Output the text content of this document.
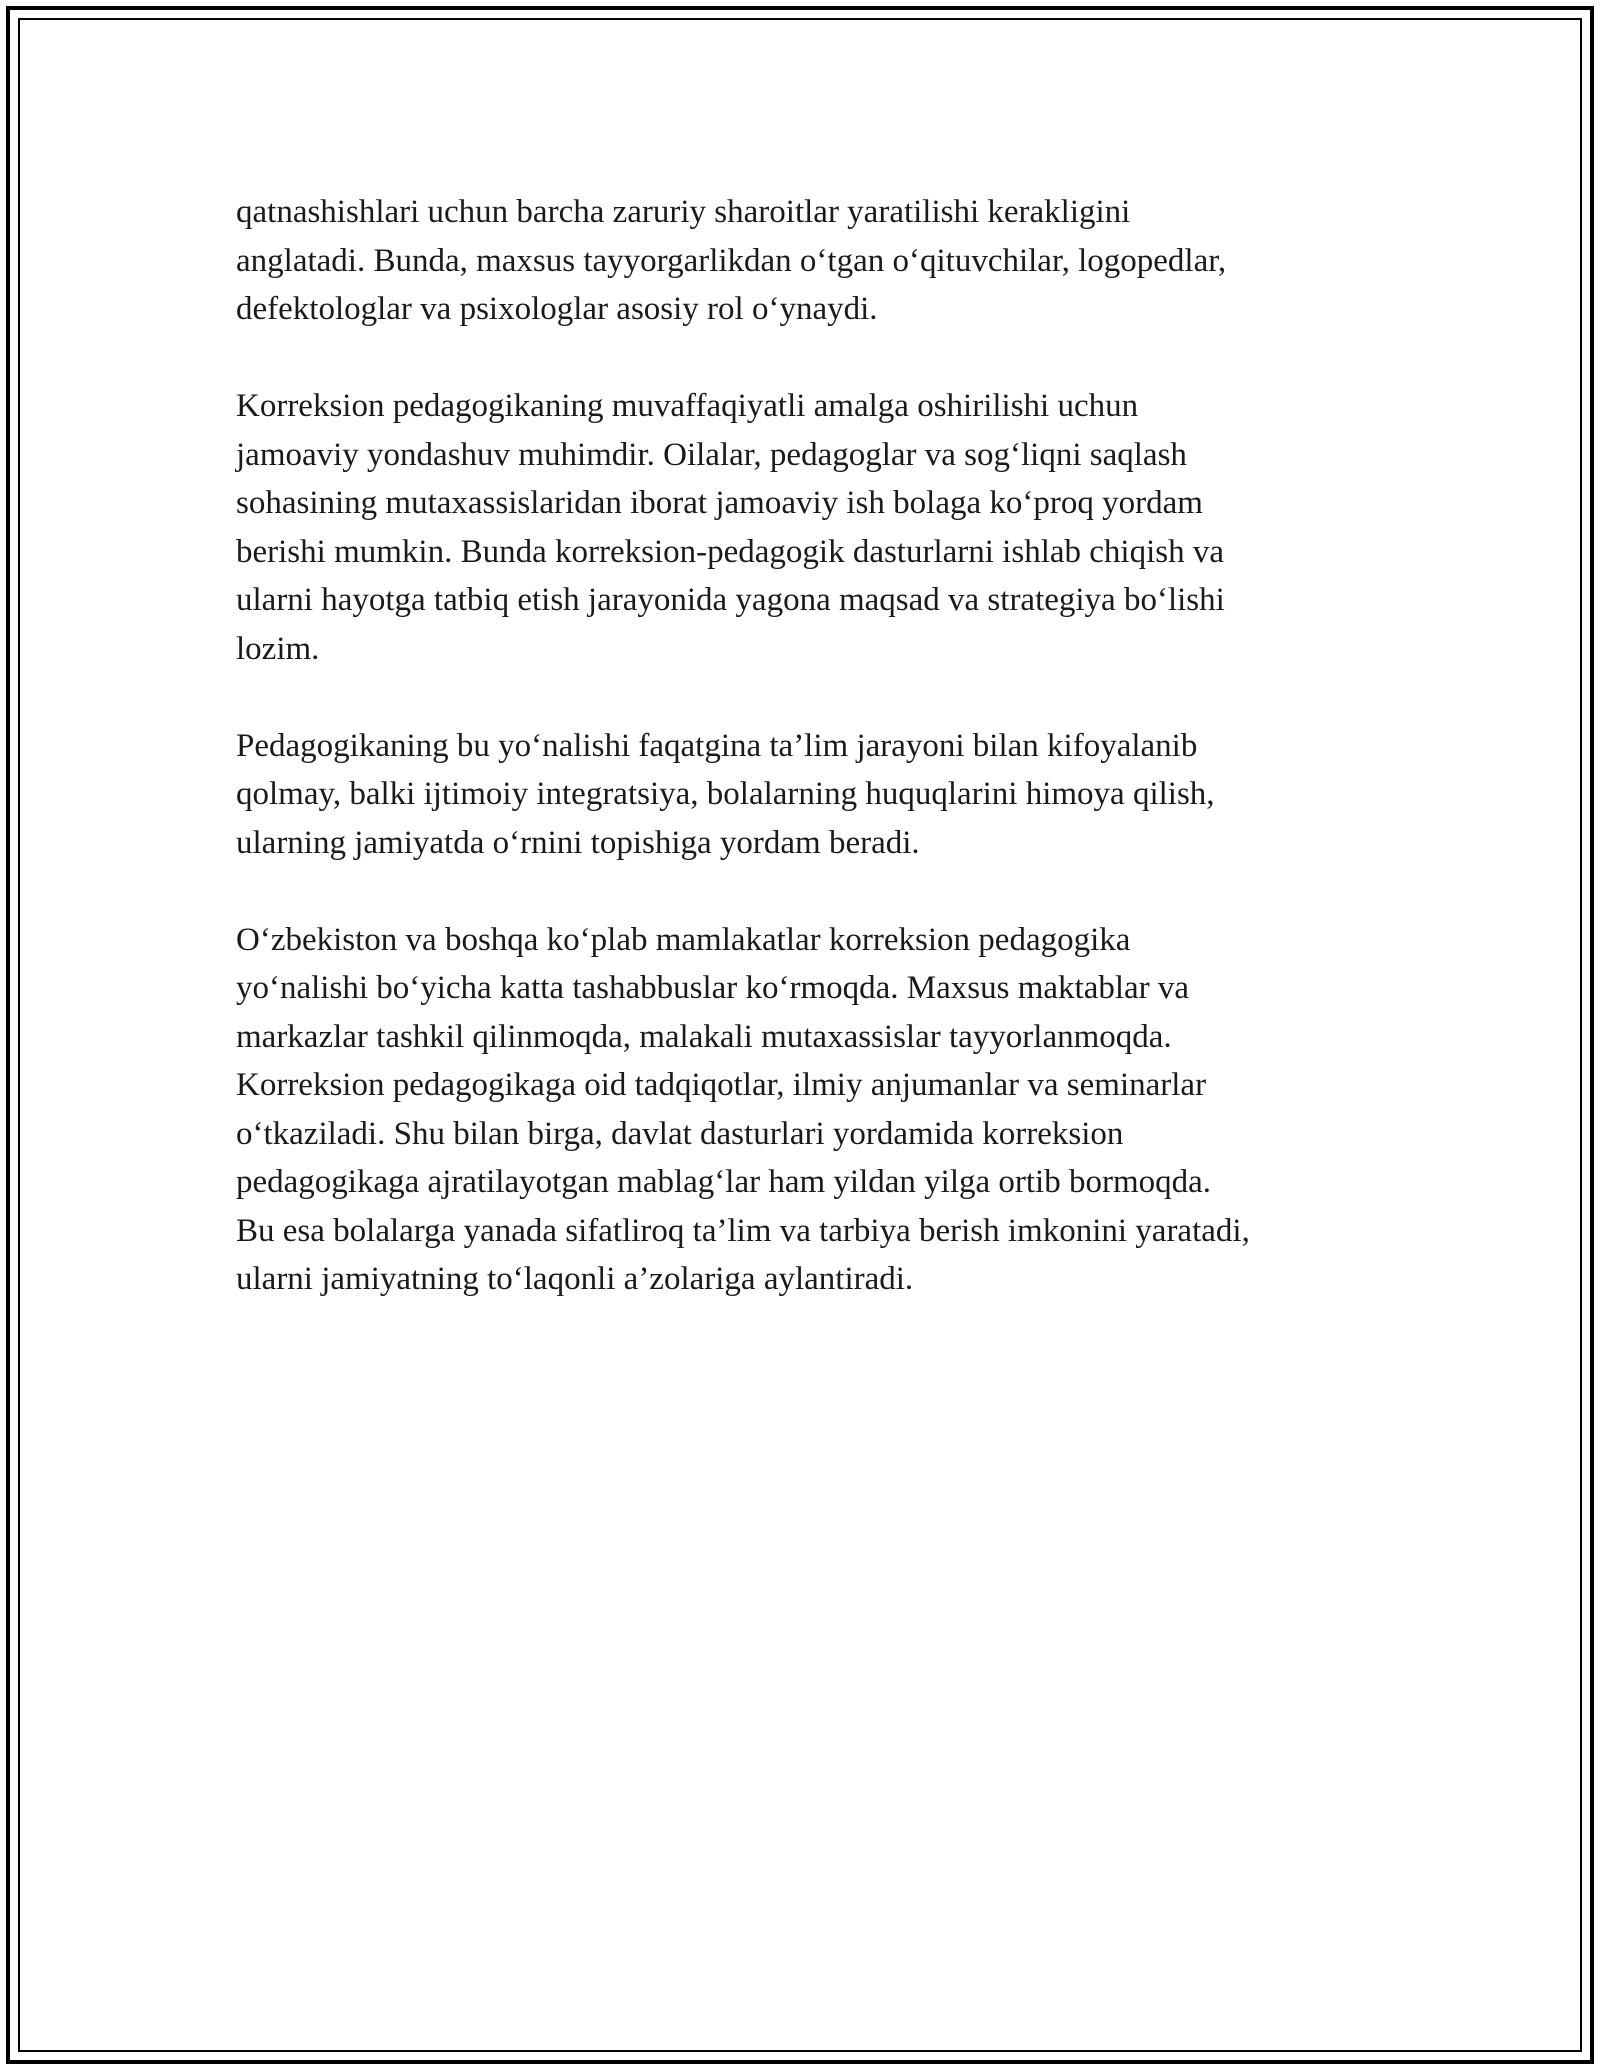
qatnashishlari uchun barcha zaruriy sharoitlar yaratilishi kerakligini
anglatadi. Bunda, maxsus tayyorgarlikdan o‘tgan o‘qituvchilar, logopedlar,
defektologlar va psixologlar asosiy rol o‘ynaydi.

Korreksion pedagogikaning muvaffaqiyatli amalga oshirilishi uchun
jamoaviy yondashuv muhimdir. Oilalar, pedagoglar va sog‘liqni saqlash
sohasining mutaxassislaridan iborat jamoaviy ish bolaga ko‘proq yordam
berishi mumkin. Bunda korreksion-pedagogik dasturlarni ishlab chiqish va
ularni hayotga tatbiq etish jarayonida yagona maqsad va strategiya bo‘lishi
lozim.

Pedagogikaning bu yo‘nalishi faqatgina ta’lim jarayoni bilan kifoyalanib
qolmay, balki ijtimoiy integratsiya, bolalarning huquqlarini himoya qilish,
ularning jamiyatda o‘rnini topishiga yordam beradi.

O‘zbekiston va boshqa ko‘plab mamlakatlar korreksion pedagogika
yo‘nalishi bo‘yicha katta tashabbuslar ko‘rmoqda. Maxsus maktablar va
markazlar tashkil qilinmoqda, malakali mutaxassislar tayyorlanmoqda.
Korreksion pedagogikaga oid tadqiqotlar, ilmiy anjumanlar va seminarlar
o‘tkaziladi. Shu bilan birga, davlat dasturlari yordamida korreksion
pedagogikaga ajratilayotgan mablag‘lar ham yildan yilga ortib bormoqda.
Bu esa bolalarga yanada sifatliroq ta’lim va tarbiya berish imkonini yaratadi,
ularni jamiyatning to‘laqonli a’zolariga aylantiradi.
